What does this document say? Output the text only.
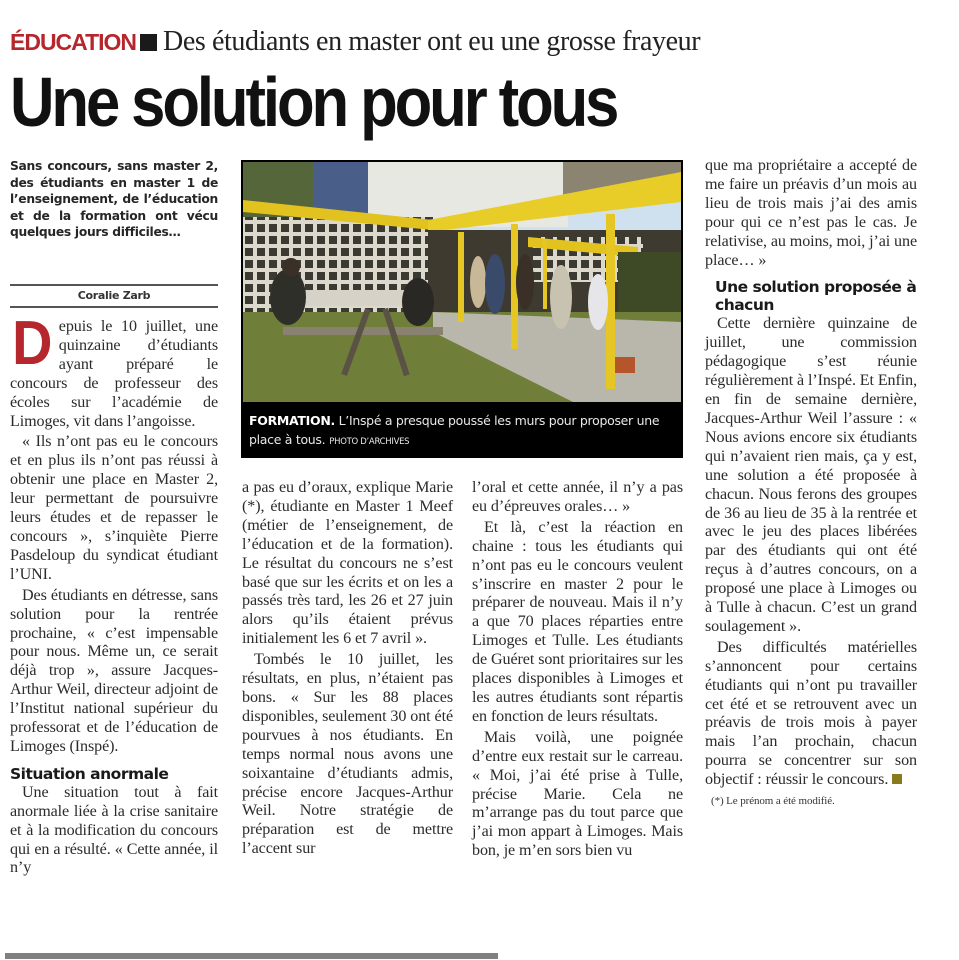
ÉDUCATION Des étudiants en master ont eu une grosse frayeur
Une solution pour tous
Sans concours, sans master 2, des étudiants en master 1 de l’enseignement, de l’éducation et de la formation ont vécu quelques jours difficiles…
Coralie Zarb

Depuis le 10 juillet, une quinzaine d’étudiants ayant préparé le concours de professeur des écoles sur l’académie de Limoges, vit dans l’angoisse.

« Ils n’ont pas eu le concours et en plus ils n’ont pas réussi à obtenir une place en Master 2, leur permettant de poursuivre leurs études et de repasser le concours », s’inquiète Pierre Pasdeloup du syndicat étudiant l’UNI.

Des étudiants en détresse, sans solution pour la rentrée prochaine, « c’est impensable pour nous. Même un, ce serait déjà trop », assure Jacques-Arthur Weil, directeur adjoint de l’Institut national supérieur du professorat et de l’éducation de Limoges (Inspé).

Situation anormale

Une situation tout à fait anormale liée à la crise sanitaire et à la modification du concours qui en a résulté. « Cette année, il n’y

FORMATION. L’Inspé a presque poussé les murs pour proposer une place à tous. PHOTO D’ARCHIVES

a pas eu d’oraux, explique Marie (*), étudiante en Master 1 Meef (métier de l’enseignement, de l’éducation et de la formation). Le résultat du concours ne s’est basé que sur les écrits et on les a passés très tard, les 26 et 27 juin alors qu’ils étaient prévus initialement les 6 et 7 avril ».

Tombés le 10 juillet, les résultats, en plus, n’étaient pas bons. « Sur les 88 places disponibles, seulement 30 ont été pourvues à nos étudiants. En temps normal nous avons une soixantaine d’étudiants admis, précise encore Jacques-Arthur Weil. Notre stratégie de préparation est de mettre l’accent sur

l’oral et cette année, il n’y a pas eu d’épreuves orales… »

Et là, c’est la réaction en chaine : tous les étudiants qui n’ont pas eu le concours veulent s’inscrire en master 2 pour le préparer de nouveau. Mais il n’y a que 70 places réparties entre Limoges et Tulle. Les étudiants de Guéret sont prioritaires sur les places disponibles à Limoges et les autres étudiants sont répartis en fonction de leurs résultats.

Mais voilà, une poignée d’entre eux restait sur le carreau. « Moi, j’ai été prise à Tulle, précise Marie. Cela ne m’arrange pas du tout parce que j’ai mon appart à Limoges. Mais bon, je m’en sors bien vu

que ma propriétaire a accepté de me faire un préavis d’un mois au lieu de trois mais j’ai des amis pour qui ce n’est pas le cas. Je relativise, au moins, moi, j’ai une place… »

Une solution proposée à chacun

Cette dernière quinzaine de juillet, une commission pédagogique s’est réunie régulièrement à l’Inspé. Et Enfin, en fin de semaine dernière, Jacques-Arthur Weil l’assure : « Nous avions encore six étudiants qui n’avaient rien mais, ça y est, une solution a été proposée à chacun. Nous ferons des groupes de 36 au lieu de 35 à la rentrée et avec le jeu des places libérées par des étudiants qui ont été reçus à d’autres concours, on a proposé une place à Limoges ou à Tulle à chacun. C’est un grand soulagement ».

Des difficultés matérielles s’annoncent pour certains étudiants qui n’ont pu travailler cet été et se retrouvent avec un préavis de trois mois à payer mais l’an prochain, chacun pourra se concentrer sur son objectif : réussir le concours.

(*) Le prénom a été modifié.
